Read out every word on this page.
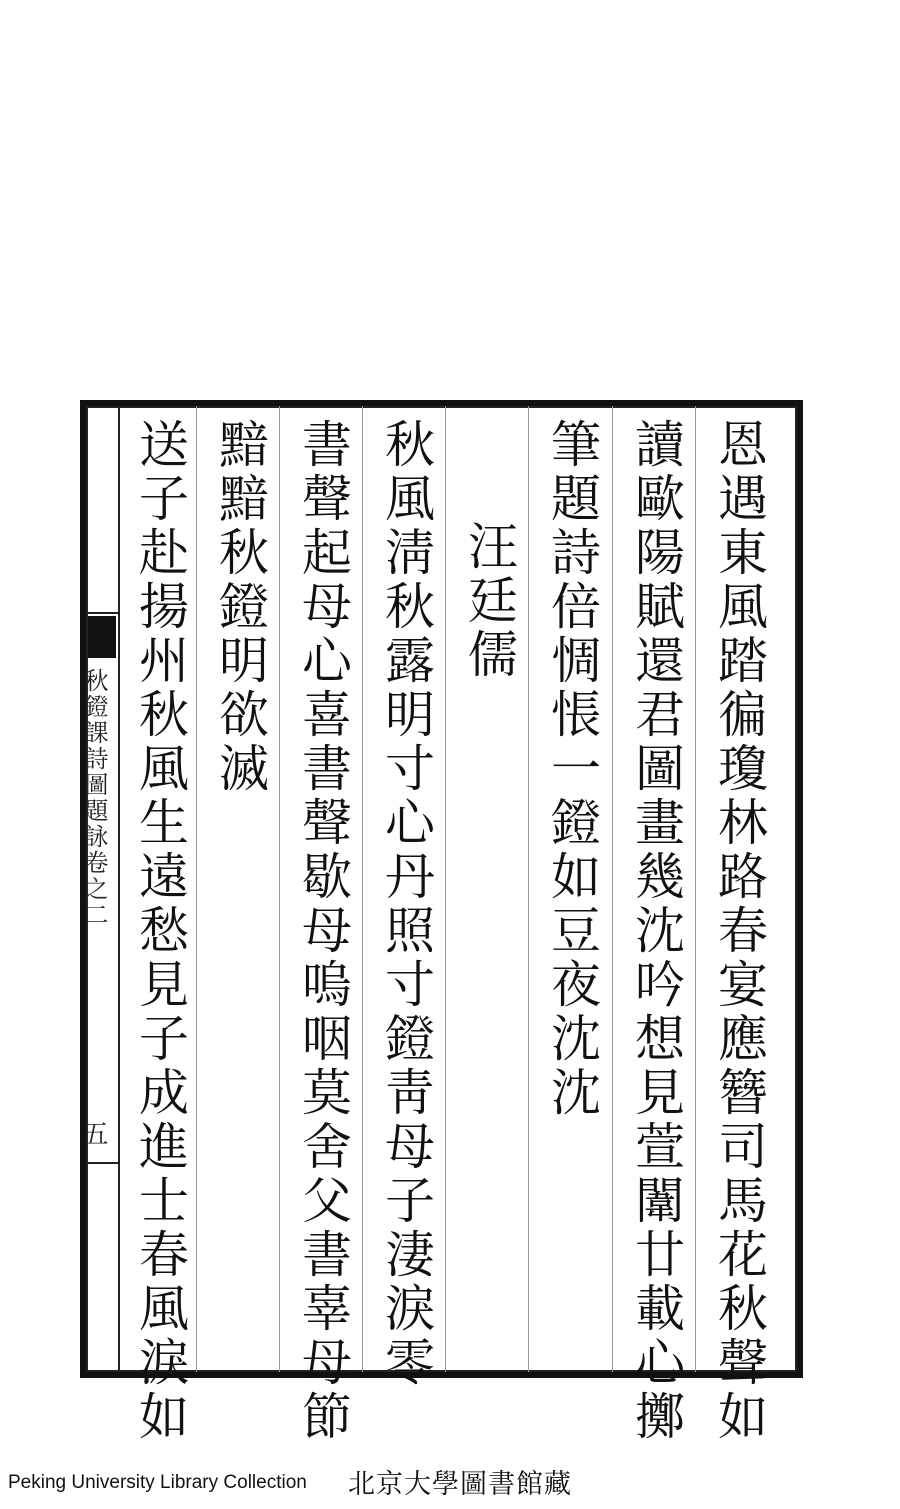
秋鐙課詩圖題詠卷之二
五	恩遇東風踏徧瓊林路春宴應簪司馬花秋聲如
讀歐陽賦還君圖畫幾沈吟想見萱闈廿載心擲
筆題詩倍惆悵一鐙如豆夜沈沈
汪廷儒
秋風淸秋露明寸心丹照寸鐙靑母子淒淚零
書聲起母心喜書聲歇母嗚咽莫舍父書辜母節
黯黯秋鐙明欲滅
送子赴揚州秋風生遠愁見子成進士春風淚如
Peking University Library Collection 北京大學圖書館藏
